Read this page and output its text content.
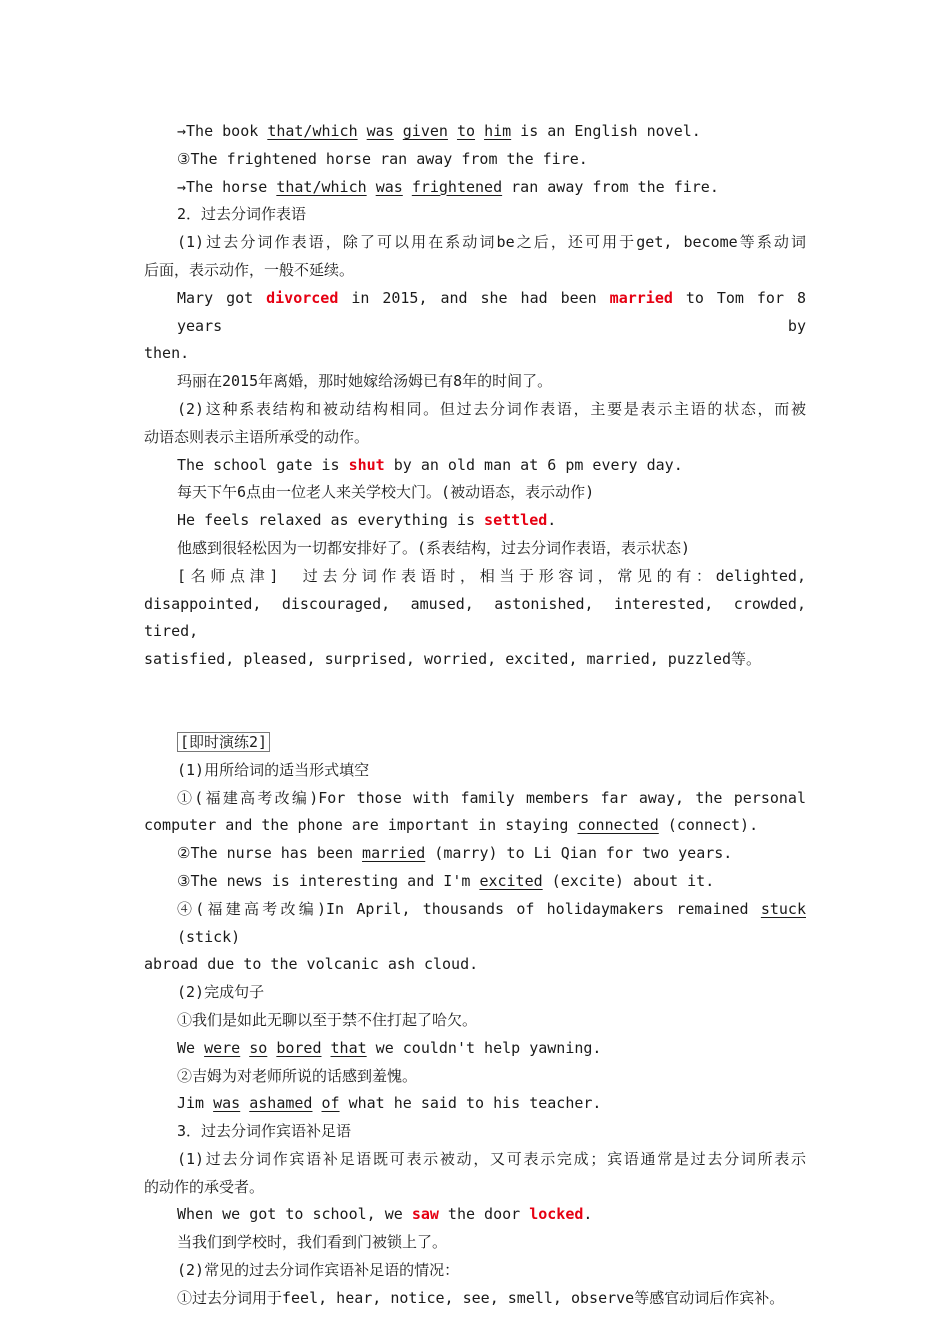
→The book that/which was given to him is an English novel.
③The frightened horse ran away from the fire.
→The horse that/which was frightened ran away from the fire.
2．过去分词作表语
(1)过去分词作表语，除了可以用在系动词be之后，还可用于get, become等系动词
后面，表示动作，一般不延续。
Mary got divorced in 2015, and she had been married to Tom for 8 years by
then.
玛丽在2015年离婚，那时她嫁给汤姆已有8年的时间了。
(2)这种系表结构和被动结构相同。但过去分词作表语，主要是表示主语的状态，而被
动语态则表示主语所承受的动作。
The school gate is shut by an old man at 6 pm every day.
每天下午6点由一位老人来关学校大门。(被动语态，表示动作)
He feels relaxed as everything is settled.
他感到很轻松因为一切都安排好了。(系表结构，过去分词作表语，表示状态)
[名师点津]　过去分词作表语时，相当于形容词，常见的有：delighted,
disappointed, discouraged, amused, astonished, interested, crowded, tired,
satisfied, pleased, surprised, worried, excited, married, puzzled等。
[即时演练2]
(1)用所给词的适当形式填空
①(福建高考改编)For those with family members far away, the personal
computer and the phone are important in staying connected (connect).
②The nurse has been married (marry) to Li Qian for two years.
③The news is interesting and I'm excited (excite) about it.
④(福建高考改编)In April, thousands of holidaymakers remained stuck (stick)
abroad due to the volcanic ash cloud.
(2)完成句子
①我们是如此无聊以至于禁不住打起了哈欠。
We were so bored that we couldn't help yawning.
②吉姆为对老师所说的话感到羞愧。
Jim was ashamed of what he said to his teacher.
3．过去分词作宾语补足语
(1)过去分词作宾语补足语既可表示被动，又可表示完成；宾语通常是过去分词所表示
的动作的承受者。
When we got to school, we saw the door locked.
当我们到学校时，我们看到门被锁上了。
(2)常见的过去分词作宾语补足语的情况：
①过去分词用于feel, hear, notice, see, smell, observe等感官动词后作宾补。
